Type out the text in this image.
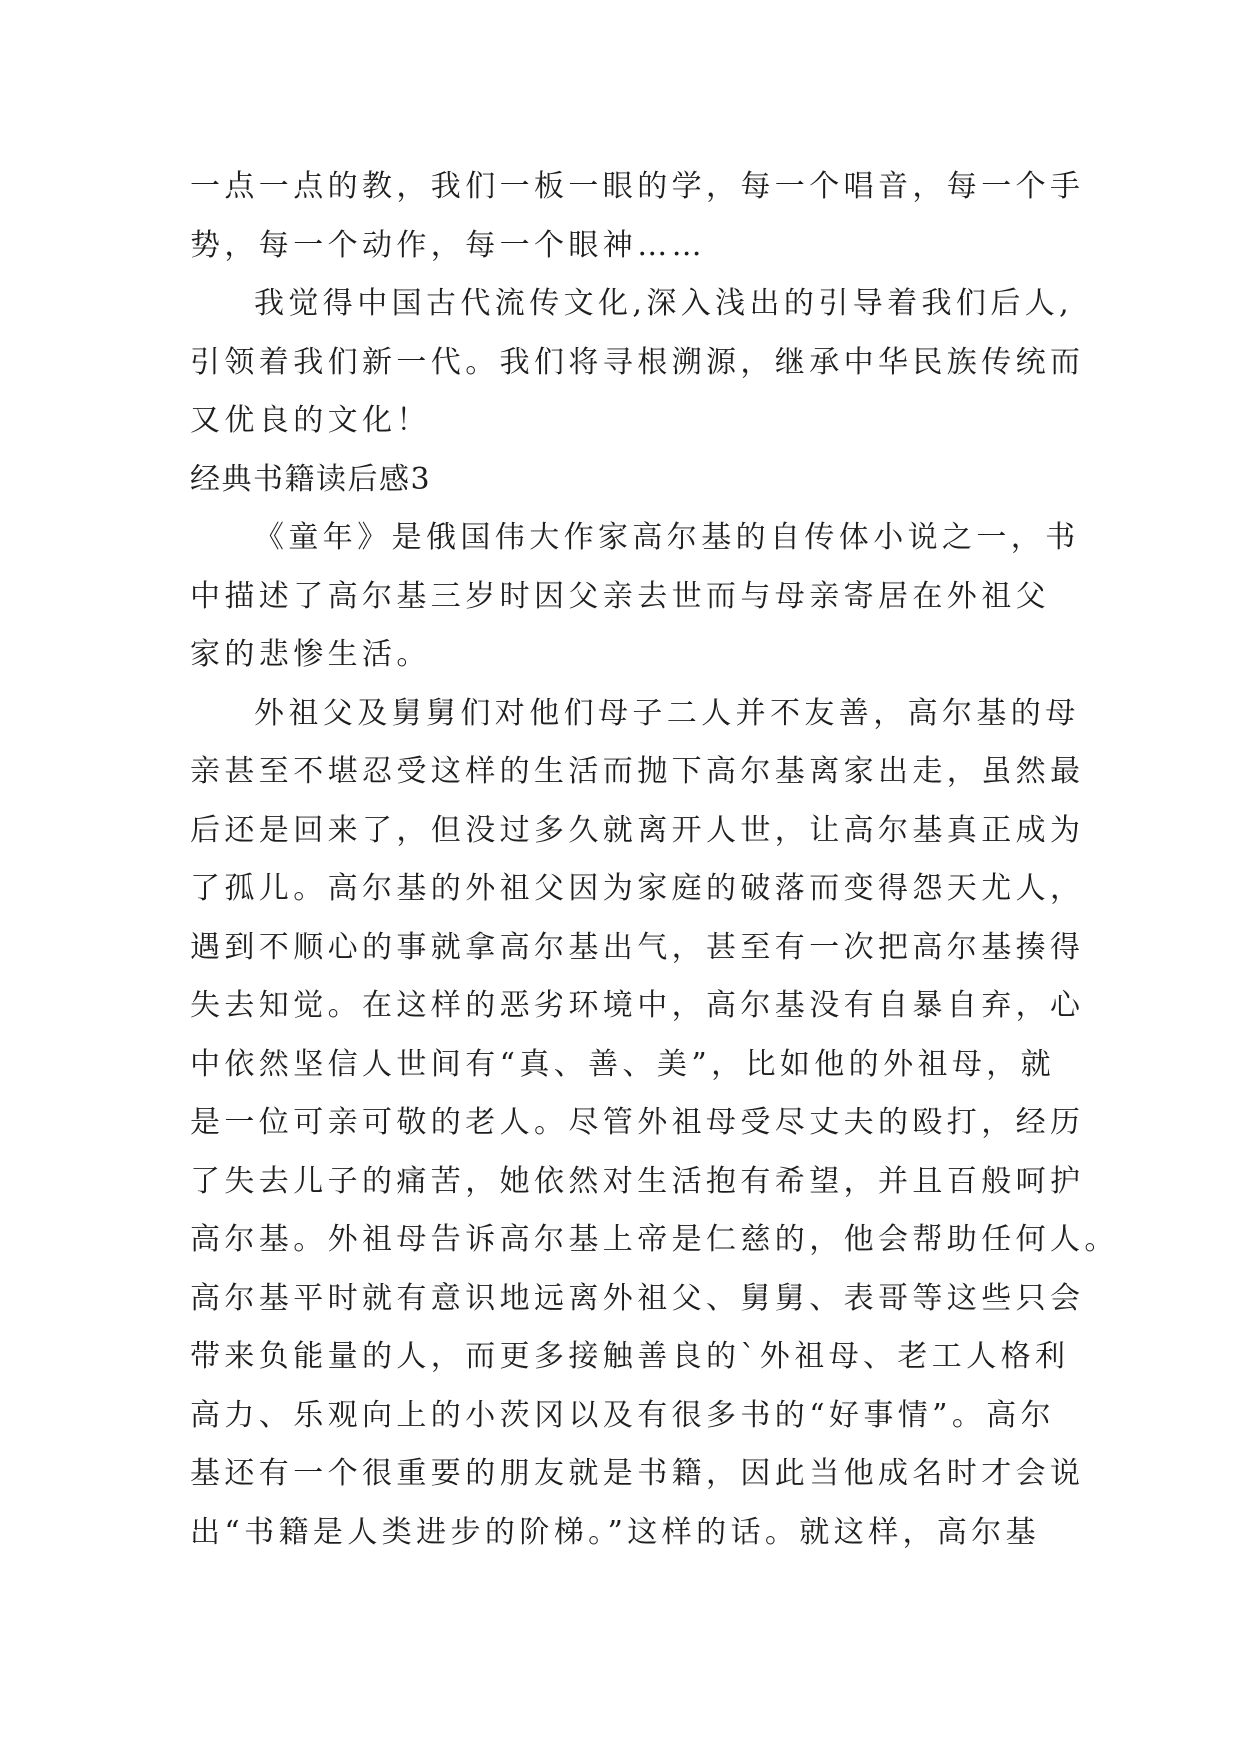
一点一点的教，我们一板一眼的学，每一个唱音，每一个手
势，每一个动作，每一个眼神……
我觉得中国古代流传文化,深入浅出的引导着我们后人,
引领着我们新一代。我们将寻根溯源，继承中华民族传统而
又优良的文化！
经典书籍读后感3
《童年》是俄国伟大作家高尔基的自传体小说之一，书
中描述了高尔基三岁时因父亲去世而与母亲寄居在外祖父
家的悲惨生活。
外祖父及舅舅们对他们母子二人并不友善，高尔基的母
亲甚至不堪忍受这样的生活而抛下高尔基离家出走，虽然最
后还是回来了，但没过多久就离开人世，让高尔基真正成为
了孤儿。高尔基的外祖父因为家庭的破落而变得怨天尤人，
遇到不顺心的事就拿高尔基出气，甚至有一次把高尔基揍得
失去知觉。在这样的恶劣环境中，高尔基没有自暴自弃，心
中依然坚信人世间有“真、善、美”，比如他的外祖母，就
是一位可亲可敬的老人。尽管外祖母受尽丈夫的殴打，经历
了失去儿子的痛苦，她依然对生活抱有希望，并且百般呵护
高尔基。外祖母告诉高尔基上帝是仁慈的，他会帮助任何人。
高尔基平时就有意识地远离外祖父、舅舅、表哥等这些只会
带来负能量的人，而更多接触善良的`外祖母、老工人格利
高力、乐观向上的小茨冈以及有很多书的“好事情”。高尔
基还有一个很重要的朋友就是书籍，因此当他成名时才会说
出“书籍是人类进步的阶梯。”这样的话。就这样，高尔基
